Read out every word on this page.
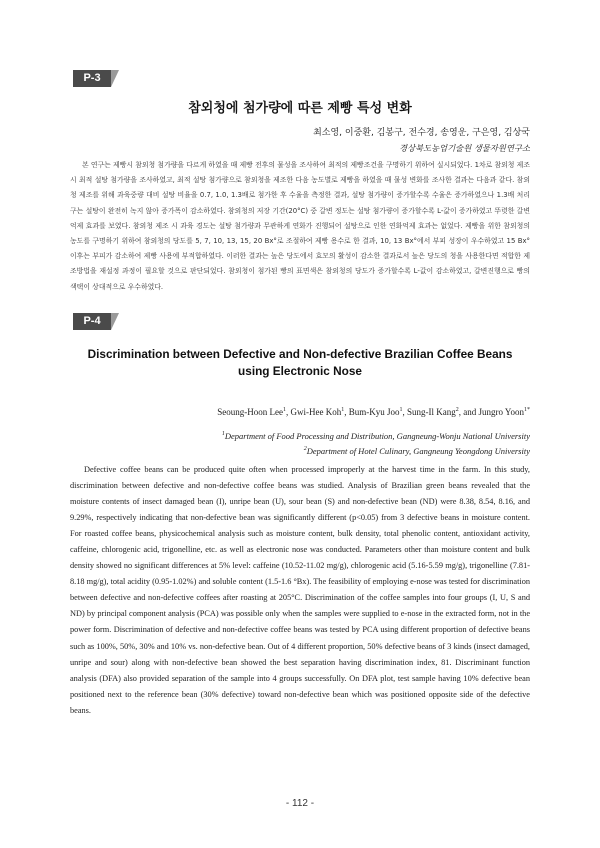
P-3
참외청에 첨가량에 따른 제빵 특성 변화
최소영, 이중환, 김봉구, 전수경, 송영운, 구은영, 김상국
경상북도농업기술원 생물자원연구소

본 연구는 제빵시 참외청 첨가량을 다르게 하였을 때 제빵 전후의 물성을 조사하여 최적의 제빵조건을 구명하기 위하여 실시되었다. 1차로 참외청 제조시 최적 설탕 첨가량을 조사하였고, 최적 설탕 첨가량으로 참외청을 제조한 다음 농도별로 제빵을 하였을 때 물성 변화를 조사한 결과는 다음과 같다. 참외청 제조를 위해 과육중량 대비 설탕 비율을 0.7, 1.0, 1.3배로 첨가한 후 수율을 측정한 결과, 설탕 첨가량이 증가할수록 수율은 증가하였으나 1.3배 처리구는 설탕이 완전히 녹지 않아 증가폭이 감소하였다. 참외청의 저장 기간(20°C) 중 갈변 정도는 설탕 첨가량이 증가할수록 L-값이 증가하였고 뚜렷한 갈변억제 효과를 보였다. 참외청 제조 시 과육 경도는 설탕 첨가량과 무관하게 연화가 진행되어 설탕으로 인한 연화억제 효과는 없었다. 제빵을 위한 참외청의 농도를 구명하기 위하여 참외청의 당도를 5, 7, 10, 13, 15, 20 Bx°로 조절하여 제빵 용수로 한 결과, 10, 13 Bx°에서 부피 성장이 우수하였고 15 Bx°이후는 부피가 감소하여 제빵 사용에 부적합하였다. 이러한 결과는 높은 당도에서 효모의 활성이 감소한 결과로서 높은 당도의 청을 사용한다면 적합한 제조방법을 재설정 과정이 필요할 것으로 판단되었다. 참외청이 첨가된 빵의 표면색은 참외청의 당도가 증가할수록 L-값이 감소하였고, 갈변진행으로 빵의 색택이 상대적으로 우수하였다.

P-4
Discrimination between Defective and Non-defective Brazilian Coffee Beans
using Electronic Nose
Seoung-Hoon Lee$^1$, Gwi-Hee Koh$^1$, Bum-Kyu Joo$^1$, Sung-Il Kang$^2$, and Jungro Yoon$^{1*}$
$^1$Department of Food Processing and Distribution, Gangneung-Wonju National University
$^2$Department of Hotel Culinary, Gangneung Yeongdong University

Defective coffee beans can be produced quite often when processed improperly at the harvest time in the farm. In this study, discrimination between defective and non-defective coffee beans was studied. Analysis of Brazilian green beans revealed that the moisture contents of insect damaged bean (I), unripe bean (U), sour bean (S) and non-defective bean (ND) were 8.38, 8.54, 8.16, and 9.29%, respectively indicating that non-defective bean was significantly different (p<0.05) from 3 defective beans in moisture content. For roasted coffee beans, physicochemical analysis such as moisture content, bulk density, total phenolic content, antioxidant activity, caffeine, chlorogenic acid, trigonelline, etc. as well as electronic nose was conducted. Parameters other than moisture content and bulk density showed no significant differences at 5% level: caffeine (10.52-11.02 mg/g), chlorogenic acid (5.16-5.59 mg/g), trigonelline (7.81-8.18 mg/g), total acidity (0.95-1.02%) and soluble content (1.5-1.6 °Bx). The feasibility of employing e-nose was tested for discrimination between defective and non-defective coffees after roasting at 205°C. Discrimination of the coffee samples into four groups (I, U, S and ND) by principal component analysis (PCA) was possible only when the samples were supplied to e-nose in the extracted form, not in the power form. Discrimination of defective and non-defective coffee beans was tested by PCA using different proportion of defective beans such as 100%, 50%, 30% and 10% vs. non-defective bean. Out of 4 different proportion, 50% defective beans of 3 kinds (insect damaged, unripe and sour) along with non-defective bean showed the best separation having discrimination index, 81. Discriminant function analysis (DFA) also provided separation of the sample into 4 groups successfully. On DFA plot, test sample having 10% defective bean positioned next to the reference bean (30% defective) toward non-defective bean which was positioned opposite side of the defective beans.

- 112 -
